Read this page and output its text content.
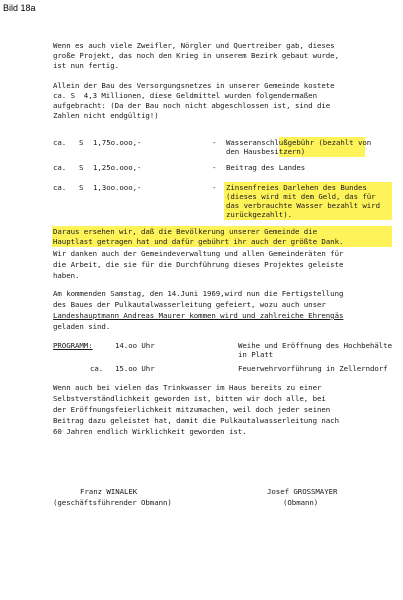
Bild 18a
Wenn es auch viele Zweifler, Nörgler und Quertreiber gab, dieses
große Projekt, das noch den Krieg in unserem Bezirk gebaut wurde,
ist nun fertig.
Allein der Bau des Versorgungsnetzes in unserer Gemeinde kostete
ca. S  4,3 Millionen, diese Geldmittel wurden folgendermaßen
aufgebracht: (Da der Bau noch nicht abgeschlossen ist, sind die
Zahlen nicht endgültig!)
ca. S 1,75o.ooo,-	- Wasseranschlußgebühr (bezahlt von
den Hausbesitzern)
ca. S 1,25o.ooo,-	- Beitrag des Landes
ca. S 1,3oo.ooo,-	- Zinsenfreies Darlehen des Bundes
(dieses wird mit dem Geld, das für
das verbrauchte Wasser bezahlt wird
zurückgezahlt).
Daraus ersehen wir, daß die Bevölkerung unserer Gemeinde die
Hauptlast getragen hat und dafür gebührt ihr auch der größte Dank.
Wir danken auch der Gemeindeverwaltung und allen Gemeinderäten für
die Arbeit, die sie für die Durchführung dieses Projektes geleiste
haben.
Am kommenden Samstag, den 14.Juni 1969,wird nun die Fertigstellung
des Baues der Pulkautalwasserleitung gefeiert, wozu auch unser
Landeshauptmann Andreas Maurer kommen wird und zahlreiche Ehrengäs
geladen sind.
PROGRAMM:	14.oo Uhr	Weihe und Eröffnung des Hochbehälte
in Platt
ca. 15.oo Uhr	Feuerwehrvorführung in Zellerndorf
Wenn auch bei vielen das Trinkwasser im Haus bereits zu einer
Selbstverständlichkeit geworden ist, bitten wir doch alle, bei
der Eröffnungsfeierlichkeit mitzumachen, weil doch jeder seinen
Beitrag dazu geleistet hat, damit die Pulkautalwasserleitung nach
60 Jahren endlich Wirklichkeit geworden ist.
Franz WINALEK
(geschäftsführender Obmann)
Josef GROSSMAYER
(Obmann)
